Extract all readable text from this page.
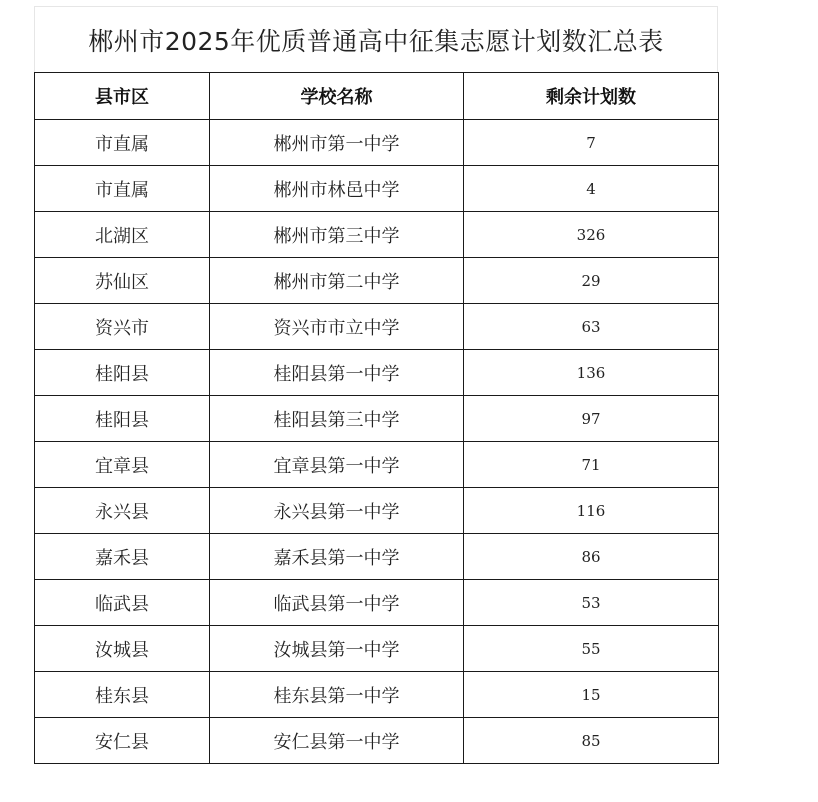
郴州市2025年优质普通高中征集志愿计划数汇总表
县市区	学校名称	剩余计划数
市直属	郴州市第一中学	7
市直属	郴州市林邑中学	4
北湖区	郴州市第三中学	326
苏仙区	郴州市第二中学	29
资兴市	资兴市市立中学	63
桂阳县	桂阳县第一中学	136
桂阳县	桂阳县第三中学	97
宜章县	宜章县第一中学	71
永兴县	永兴县第一中学	116
嘉禾县	嘉禾县第一中学	86
临武县	临武县第一中学	53
汝城县	汝城县第一中学	55
桂东县	桂东县第一中学	15
安仁县	安仁县第一中学	85
